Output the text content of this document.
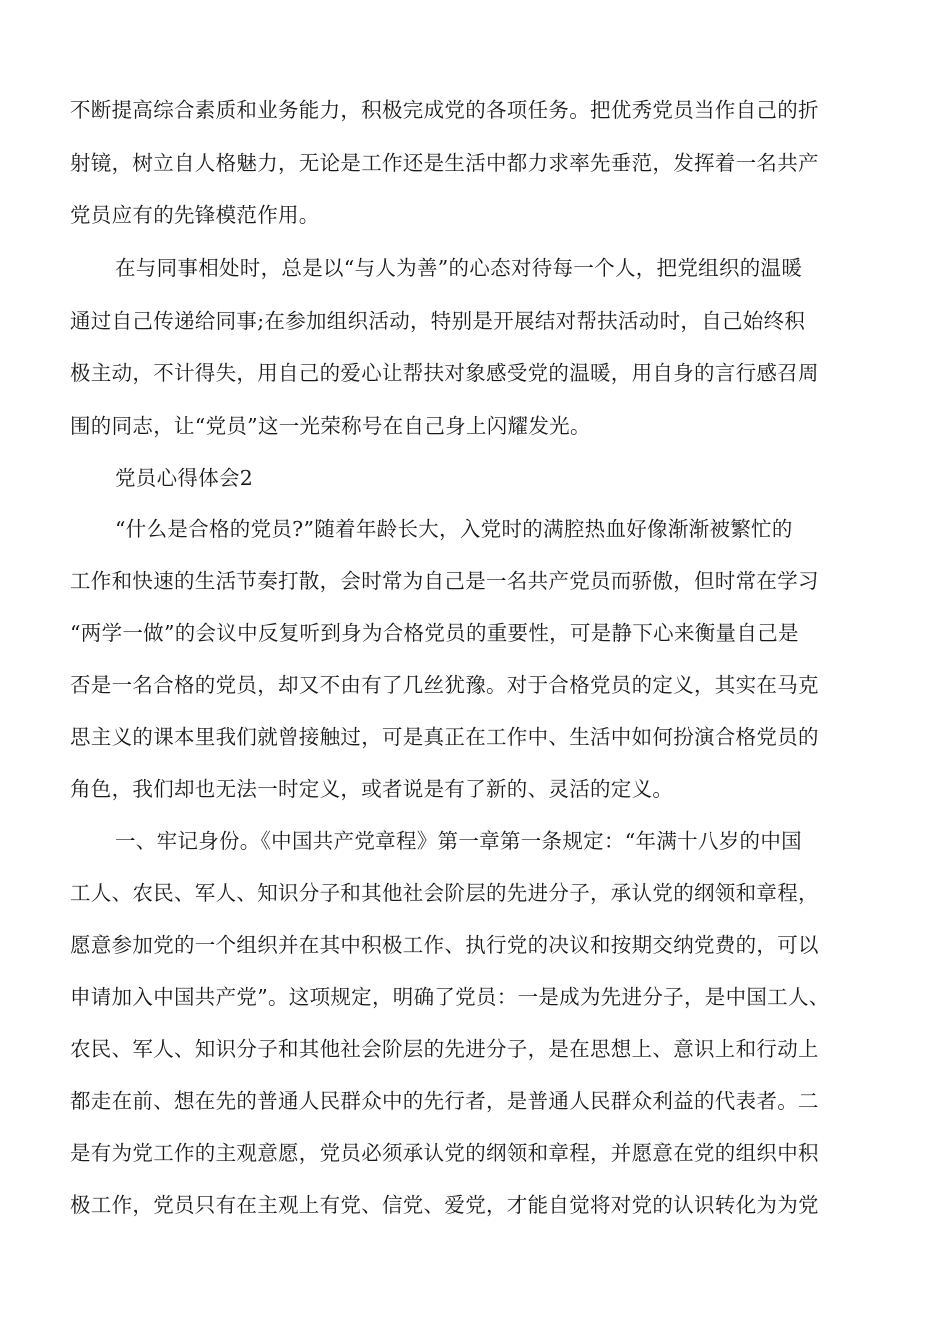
不断提高综合素质和业务能力，积极完成党的各项任务。把优秀党员当作自己的折
射镜，树立自人格魅力，无论是工作还是生活中都力求率先垂范，发挥着一名共产
党员应有的先锋模范作用。
在与同事相处时，总是以“与人为善”的心态对待每一个人，把党组织的温暖
通过自己传递给同事;在参加组织活动，特别是开展结对帮扶活动时，自己始终积
极主动，不计得失，用自己的爱心让帮扶对象感受党的温暖，用自身的言行感召周
围的同志，让“党员”这一光荣称号在自己身上闪耀发光。
党员心得体会2
“什么是合格的党员?”随着年龄长大，入党时的满腔热血好像渐渐被繁忙的
工作和快速的生活节奏打散，会时常为自己是一名共产党员而骄傲，但时常在学习
“两学一做”的会议中反复听到身为合格党员的重要性，可是静下心来衡量自己是
否是一名合格的党员，却又不由有了几丝犹豫。对于合格党员的定义，其实在马克
思主义的课本里我们就曾接触过，可是真正在工作中、生活中如何扮演合格党员的
角色，我们却也无法一时定义，或者说是有了新的、灵活的定义。
一、牢记身份。《中国共产党章程》第一章第一条规定：“年满十八岁的中国
工人、农民、军人、知识分子和其他社会阶层的先进分子，承认党的纲领和章程，
愿意参加党的一个组织并在其中积极工作、执行党的决议和按期交纳党费的，可以
申请加入中国共产党”。这项规定，明确了党员：一是成为先进分子，是中国工人、
农民、军人、知识分子和其他社会阶层的先进分子，是在思想上、意识上和行动上
都走在前、想在先的普通人民群众中的先行者，是普通人民群众利益的代表者。二
是有为党工作的主观意愿，党员必须承认党的纲领和章程，并愿意在党的组织中积
极工作，党员只有在主观上有党、信党、爱党，才能自觉将对党的认识转化为为党
